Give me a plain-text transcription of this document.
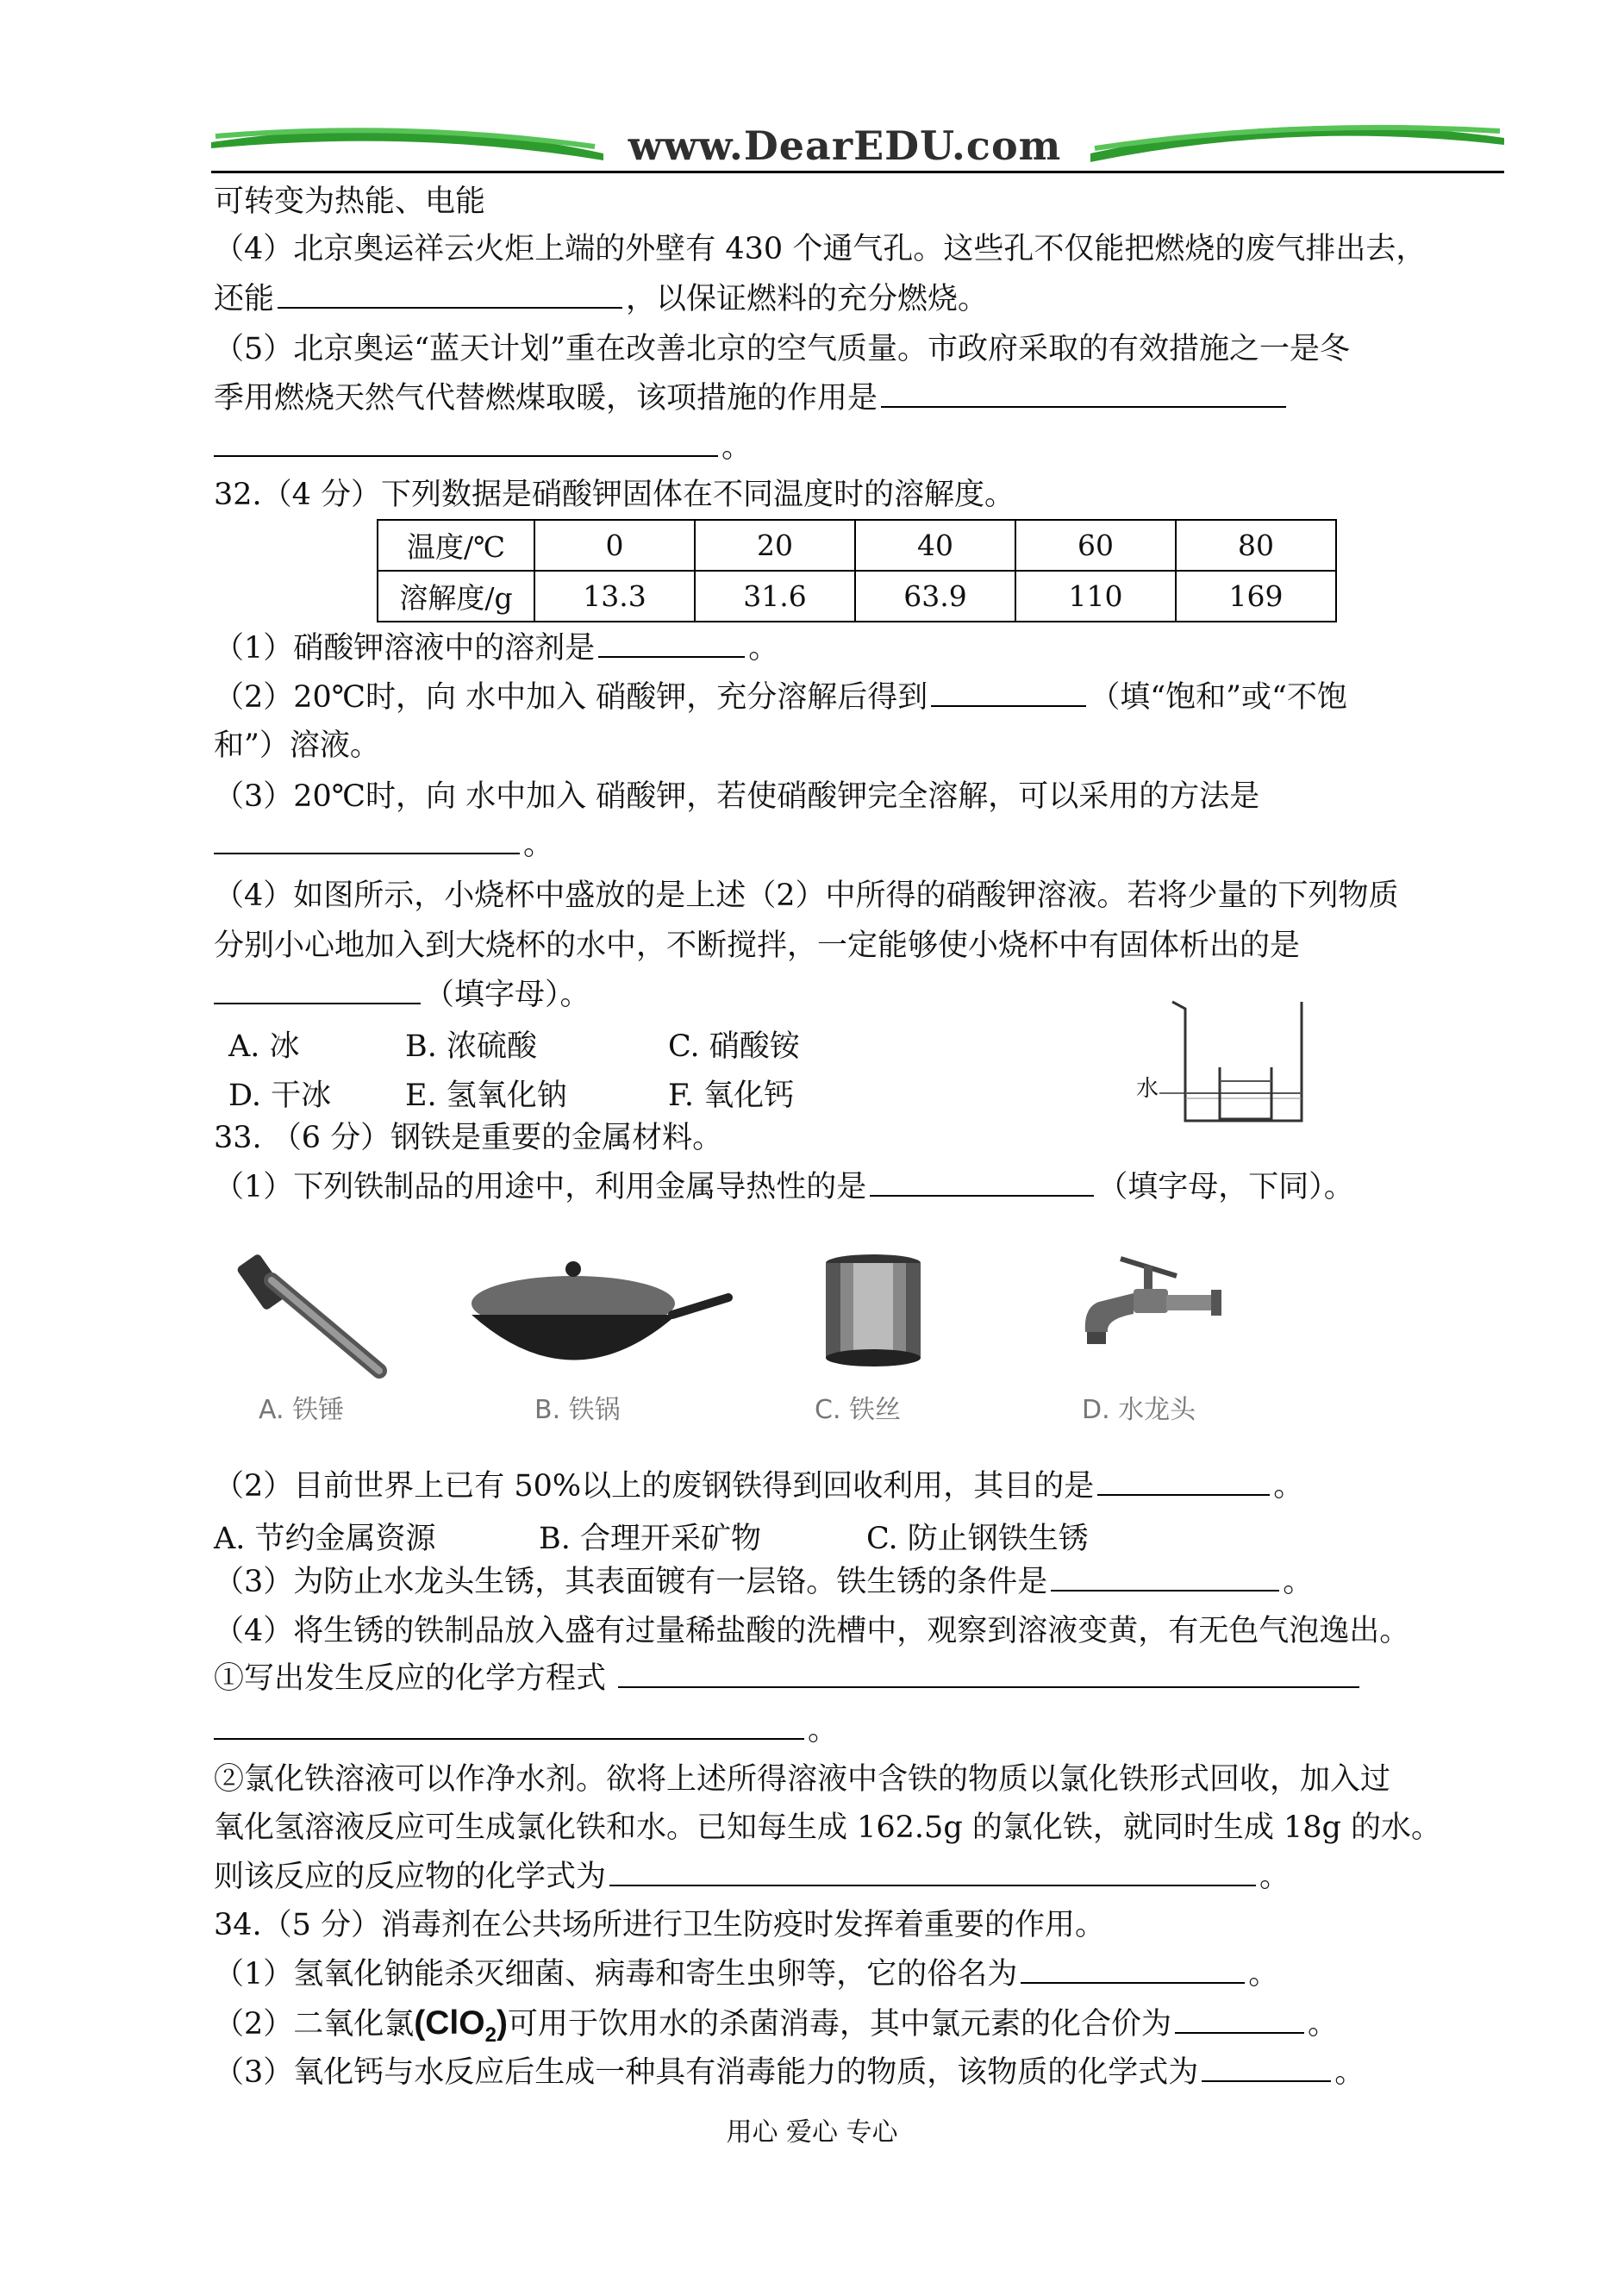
www.DearEDU.com
可转变为热能、电能
（4）北京奥运祥云火炬上端的外壁有 430 个通气孔。这些孔不仅能把燃烧的废气排出去，
还能	，以保证燃料的充分燃烧。
（5）北京奥运“蓝天计划”重在改善北京的空气质量。市政府采取的有效措施之一是冬
季用燃烧天然气代替燃煤取暖，该项措施的作用是
。
32.（4 分）下列数据是硝酸钾固体在不同温度时的溶解度。
温度/℃	0	20	40	60	80
溶解度/g	13.3	31.6	63.9	110	169
（1）硝酸钾溶液中的溶剂是	。
（2）20℃时，向 水中加入 硝酸钾，充分溶解后得到	（填“饱和”或“不饱
和”）溶液。
（3）20℃时，向 水中加入 硝酸钾，若使硝酸钾完全溶解，可以采用的方法是
。
（4）如图所示，小烧杯中盛放的是上述（2）中所得的硝酸钾溶液。若将少量的下列物质
分别小心地加入到大烧杯的水中，不断搅拌，一定能够使小烧杯中有固体析出的是
（填字母）。
A. 冰	B. 浓硫酸	C. 硝酸铵
D. 干冰 E. 氢氧化钠	F. 氧化钙	水
33. （6 分）钢铁是重要的金属材料。
（1）下列铁制品的用途中，利用金属导热性的是	（填字母，下同）。
A. 铁锤	B. 铁锅	C. 铁丝	D. 水龙头
（2）目前世界上已有 50%以上的废钢铁得到回收利用，其目的是	。
A. 节约金属资源	B. 合理开采矿物	C. 防止钢铁生锈
（3）为防止水龙头生锈，其表面镀有一层铬。铁生锈的条件是	。
（4）将生锈的铁制品放入盛有过量稀盐酸的洗槽中，观察到溶液变黄，有无色气泡逸出。
①写出发生反应的化学方程式
。
②氯化铁溶液可以作净水剂。欲将上述所得溶液中含铁的物质以氯化铁形式回收，加入过
氧化氢溶液反应可生成氯化铁和水。已知每生成 162.5g 的氯化铁，就同时生成 18g 的水。
则该反应的反应物的化学式为	。
34.（5 分）消毒剂在公共场所进行卫生防疫时发挥着重要的作用。
（1）氢氧化钠能杀灭细菌、病毒和寄生虫卵等，它的俗名为	。
（2）二氧化氯(ClO$_2$)可用于饮用水的杀菌消毒，其中氯元素的化合价为	。
（3）氧化钙与水反应后生成一种具有消毒能力的物质，该物质的化学式为	。
用心 爱心 专心
